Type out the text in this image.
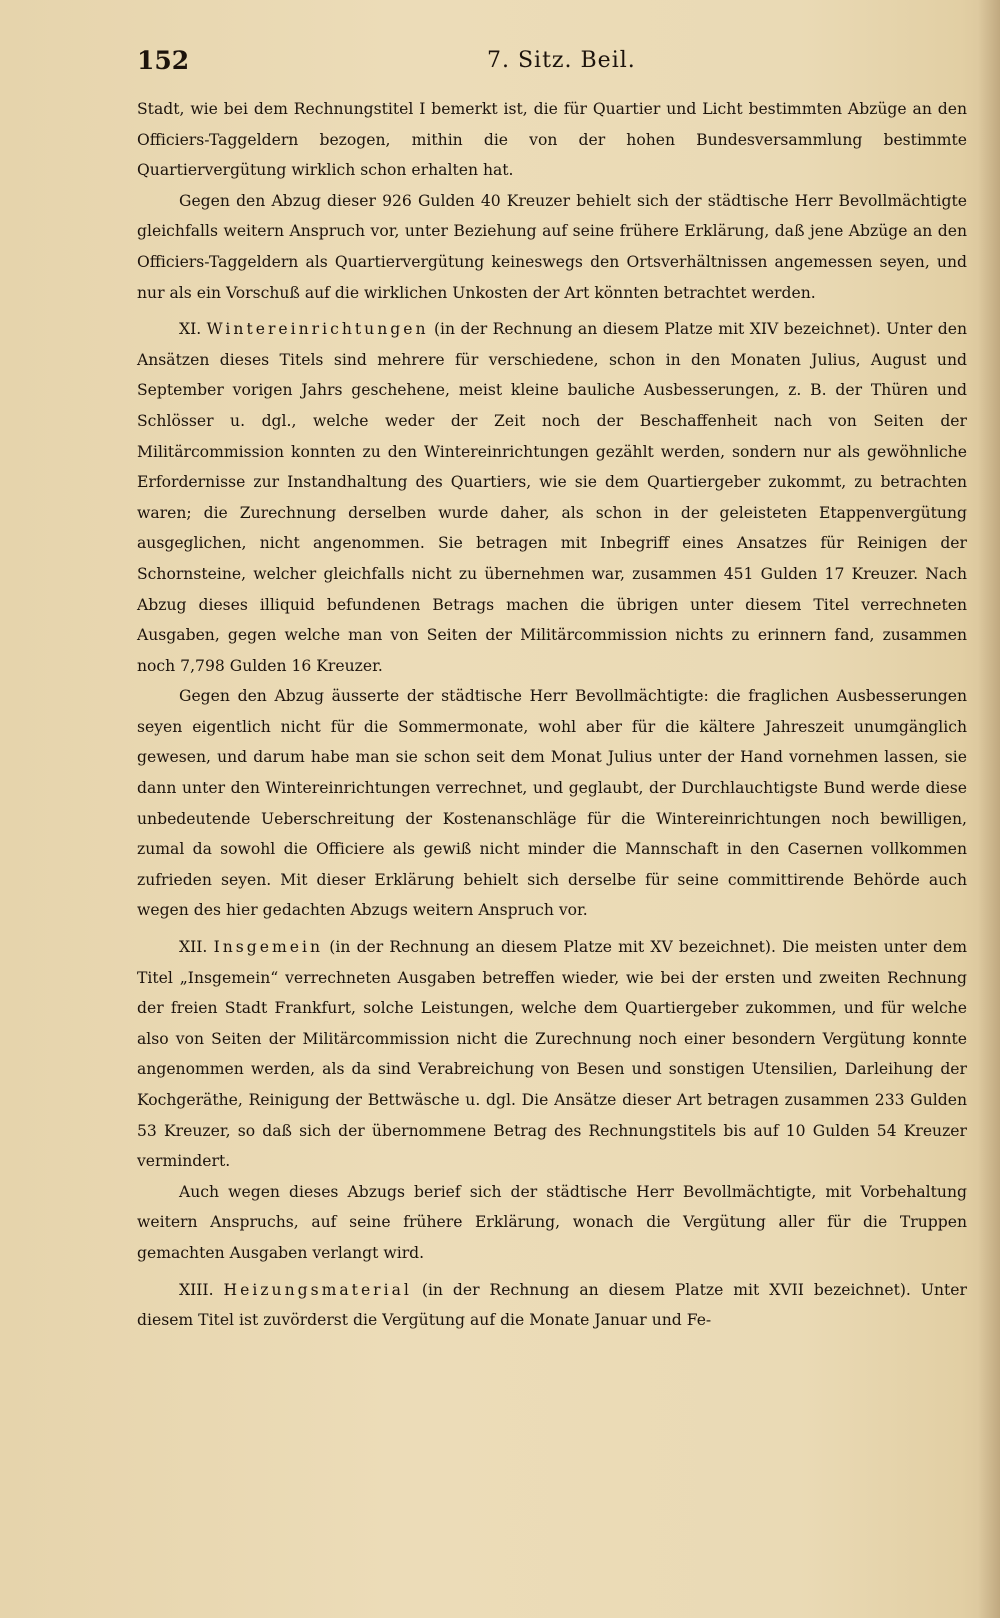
152	7. Sitz. Beil.

Stadt, wie bei dem Rechnungstitel I bemerkt ist, die für Quartier und Licht bestimmten Abzüge an den Officiers-Taggeldern bezogen, mithin die von der hohen Bundesversammlung bestimmte Quartiervergütung wirklich schon erhalten hat.

Gegen den Abzug dieser 926 Gulden 40 Kreuzer behielt sich der städtische Herr Bevollmächtigte gleichfalls weitern Anspruch vor, unter Beziehung auf seine frühere Erklärung, daß jene Abzüge an den Officiers-Taggeldern als Quartiervergütung keineswegs den Ortsverhältnissen angemessen seyen, und nur als ein Vorschuß auf die wirklichen Unkosten der Art könnten betrachtet werden.

XI. Wintereinrichtungen (in der Rechnung an diesem Platze mit XIV bezeichnet). Unter den Ansätzen dieses Titels sind mehrere für verschiedene, schon in den Monaten Julius, August und September vorigen Jahrs geschehene, meist kleine bauliche Ausbesserungen, z. B. der Thüren und Schlösser u. dgl., welche weder der Zeit noch der Beschaffenheit nach von Seiten der Militärcommission konnten zu den Wintereinrichtungen gezählt werden, sondern nur als gewöhnliche Erfordernisse zur Instandhaltung des Quartiers, wie sie dem Quartiergeber zukommt, zu betrachten waren; die Zurechnung derselben wurde daher, als schon in der geleisteten Etappenvergütung ausgeglichen, nicht angenommen. Sie betragen mit Inbegriff eines Ansatzes für Reinigen der Schornsteine, welcher gleichfalls nicht zu übernehmen war, zusammen 451 Gulden 17 Kreuzer. Nach Abzug dieses illiquid befundenen Betrags machen die übrigen unter diesem Titel verrechneten Ausgaben, gegen welche man von Seiten der Militärcommission nichts zu erinnern fand, zusammen noch 7,798 Gulden 16 Kreuzer.

Gegen den Abzug äusserte der städtische Herr Bevollmächtigte: die fraglichen Ausbesserungen seyen eigentlich nicht für die Sommermonate, wohl aber für die kältere Jahreszeit unumgänglich gewesen, und darum habe man sie schon seit dem Monat Julius unter der Hand vornehmen lassen, sie dann unter den Wintereinrichtungen verrechnet, und geglaubt, der Durchlauchtigste Bund werde diese unbedeutende Ueberschreitung der Kostenanschläge für die Wintereinrichtungen noch bewilligen, zumal da sowohl die Officiere als gewiß nicht minder die Mannschaft in den Casernen vollkommen zufrieden seyen. Mit dieser Erklärung behielt sich derselbe für seine committirende Behörde auch wegen des hier gedachten Abzugs weitern Anspruch vor.

XII. Insgemein (in der Rechnung an diesem Platze mit XV bezeichnet). Die meisten unter dem Titel „Insgemein“ verrechneten Ausgaben betreffen wieder, wie bei der ersten und zweiten Rechnung der freien Stadt Frankfurt, solche Leistungen, welche dem Quartiergeber zukommen, und für welche also von Seiten der Militärcommission nicht die Zurechnung noch einer besondern Vergütung konnte angenommen werden, als da sind Verabreichung von Besen und sonstigen Utensilien, Darleihung der Kochgeräthe, Reinigung der Bettwäsche u. dgl. Die Ansätze dieser Art betragen zusammen 233 Gulden 53 Kreuzer, so daß sich der übernommene Betrag des Rechnungstitels bis auf 10 Gulden 54 Kreuzer vermindert.

Auch wegen dieses Abzugs berief sich der städtische Herr Bevollmächtigte, mit Vorbehaltung weitern Anspruchs, auf seine frühere Erklärung, wonach die Vergütung aller für die Truppen gemachten Ausgaben verlangt wird.

XIII. Heizungsmaterial (in der Rechnung an diesem Platze mit XVII bezeichnet). Unter diesem Titel ist zuvörderst die Vergütung auf die Monate Januar und Fe-
